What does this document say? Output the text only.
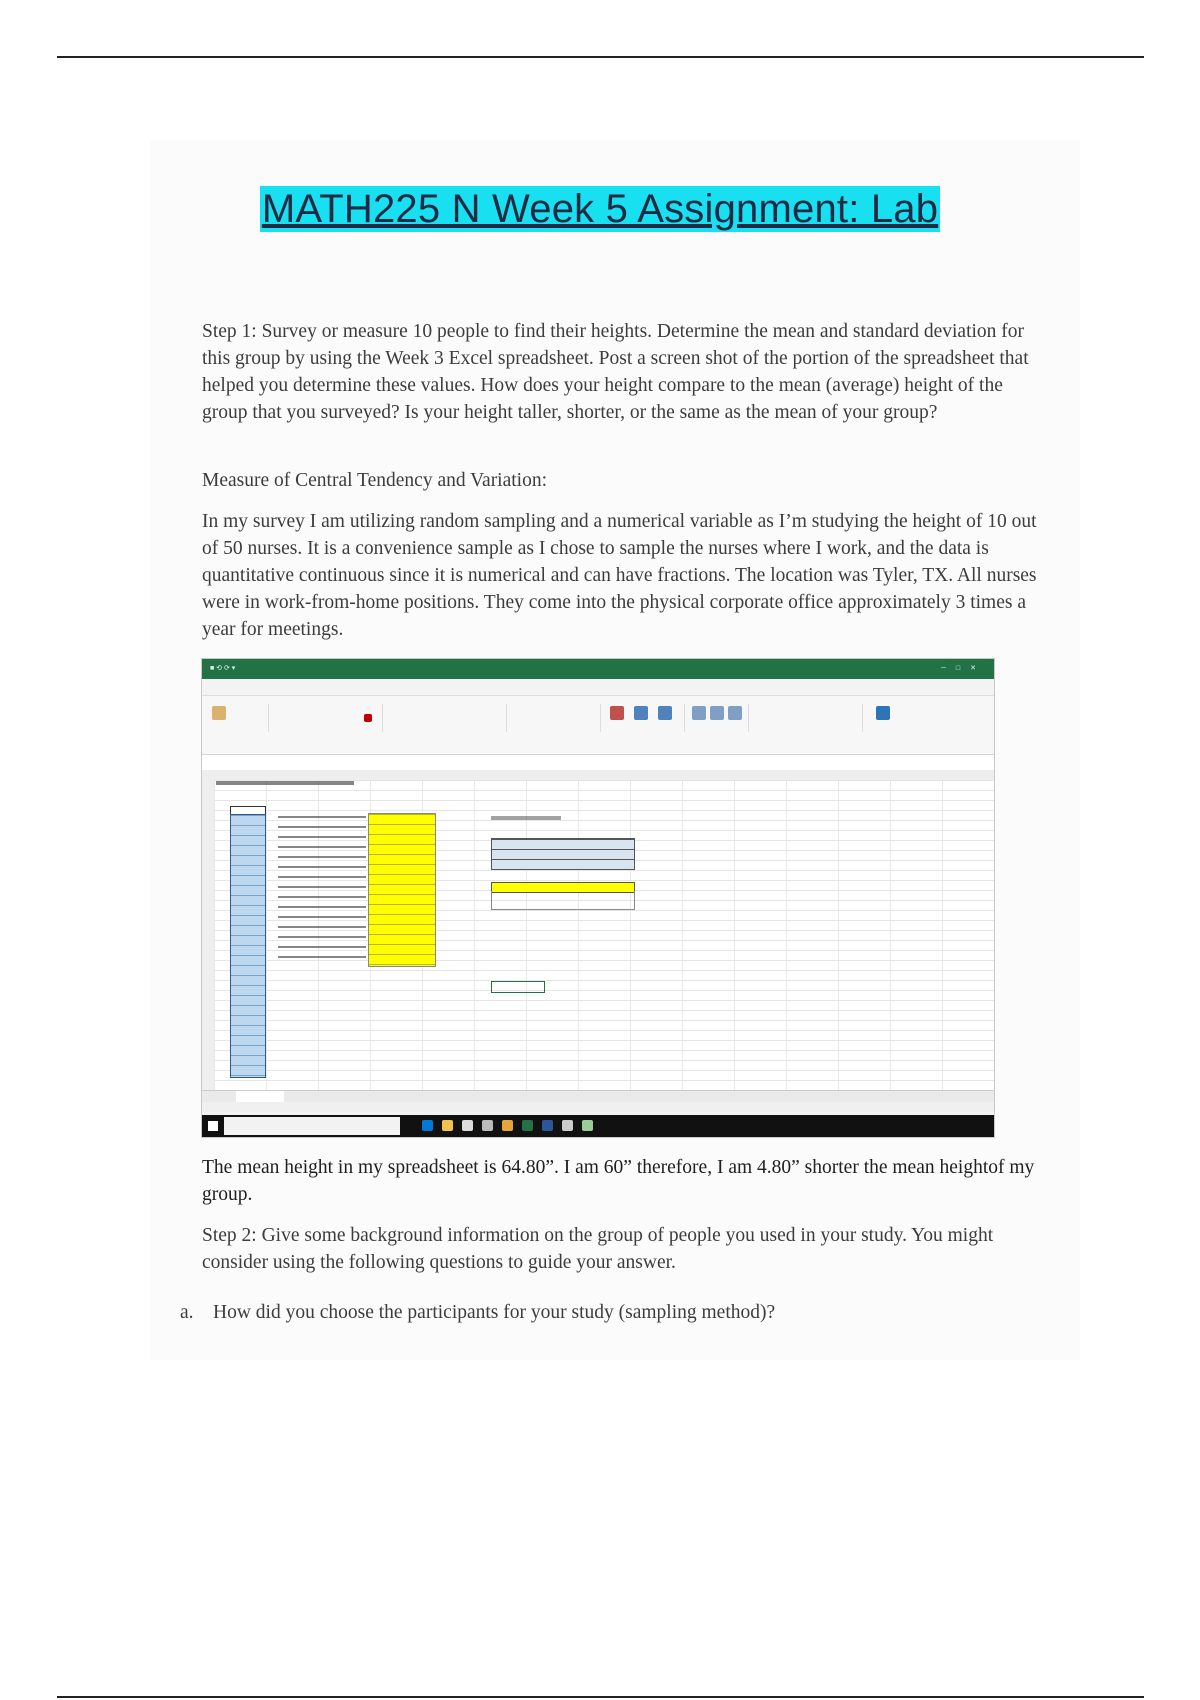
MATH225 N Week 5 Assignment: Lab
Step 1: Survey or measure 10 people to find their heights. Determine the mean and standard deviation for this group by using the Week 3 Excel spreadsheet. Post a screen shot of the portion of the spreadsheet that helped you determine these values. How does your height compare to the mean (average) height of the group that you surveyed? Is your height taller, shorter, or the same as the mean of your group?
Measure of Central Tendency and Variation:
In my survey I am utilizing random sampling and a numerical variable as I’m studying the height of 10 out of 50 nurses. It is a convenience sample as I chose to sample the nurses where I work, and the data is quantitative continuous since it is numerical and can have fractions. The location was Tyler, TX. All nurses were in work-from-home positions. They come into the physical corporate office approximately 3 times a year for meetings.
■ ⟲ ⟳ ▾	─□✕
The mean height in my spreadsheet is 64.80”. I am 60” therefore, I am 4.80” shorter the mean heightof my group.
Step 2: Give some background information on the group of people you used in your study. You might consider using the following questions to guide your answer.
a. How did you choose the participants for your study (sampling method)?
